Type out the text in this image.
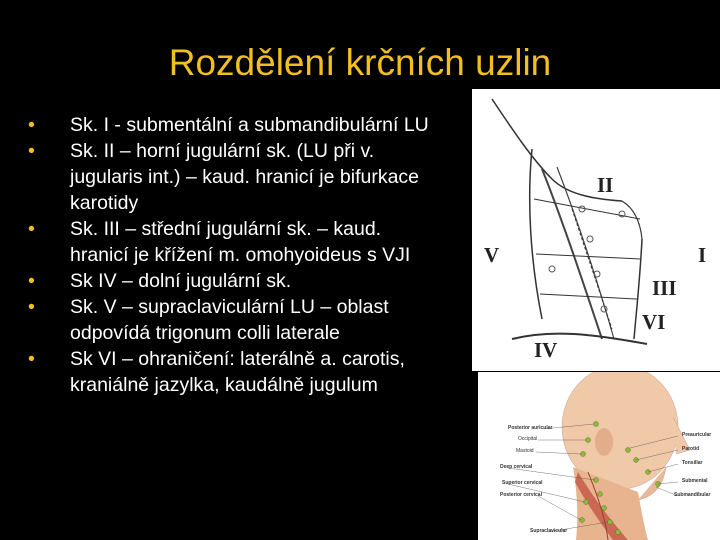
Rozdělení krčních uzlin
• Sk. I - submentální a submandibulární LU
• Sk. II – horní jugulární sk. (LU při v.
jugularis int.) – kaud. hranicí je bifurkace
karotidy
• Sk. III – střední jugulární sk. – kaud.
hranicí je křížení m. omohyoideus s VJI
• Sk IV – dolní jugulární sk.
• Sk. V – supraclaviculární LU – oblast
odpovídá trigonum colli laterale
• Sk VI – ohraničení: laterálně a. carotis,
kraniálně jazylka, kaudálně jugulum
II
V	I
III
VI
IV
Posterior auricular
Occipital
Mastoid
Deep cervical
Superior cervical
Posterior cervical
Supraclavicular
Preauricular
Parotid
Tonsillar
Submental
Submandibular
